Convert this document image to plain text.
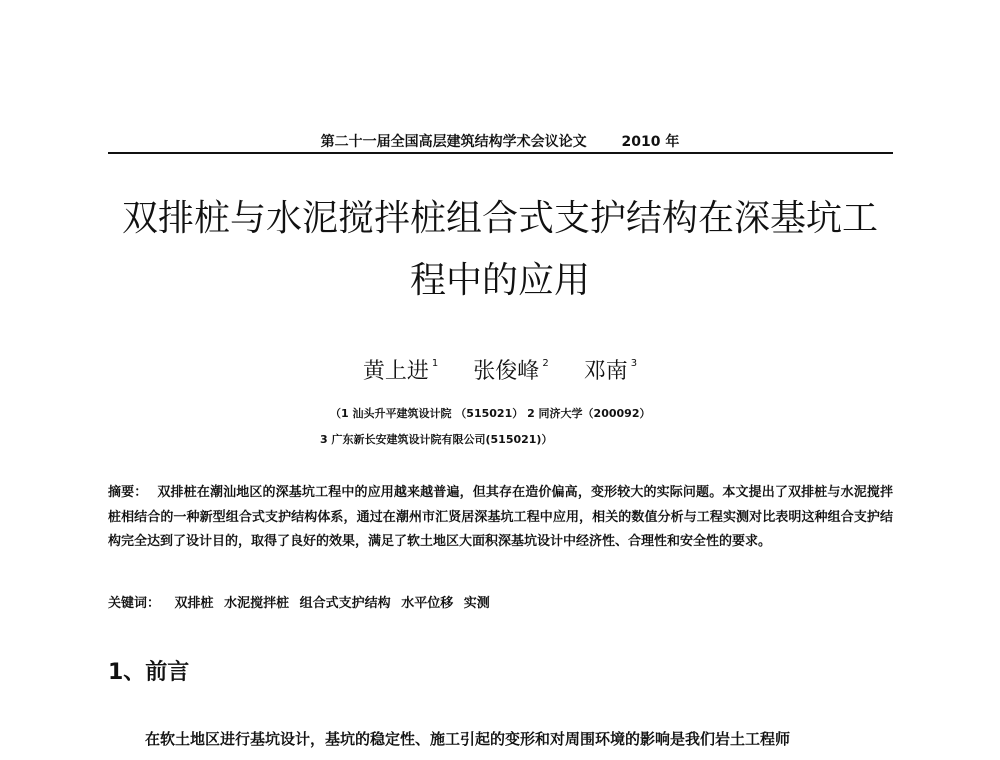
第二十一届全国高层建筑结构学术会议论文 2010 年
双排桩与水泥搅拌桩组合式支护结构在深基坑工
程中的应用
黄上进 $^1$ 张俊峰 $^2$ 邓南 $^3$
（1 汕头升平建筑设计院 （515021） 2 同济大学（200092）
3 广东新长安建筑设计院有限公司(515021)）
摘要： 双排桩在潮汕地区的深基坑工程中的应用越来越普遍，但其存在造价偏高，变形较大的实际问题。本文提出了双排桩与水泥搅拌桩相结合的一种新型组合式支护结构体系，通过在潮州市汇贤居深基坑工程中应用，相关的数值分析与工程实测对比表明这种组合支护结构完全达到了设计目的，取得了良好的效果，满足了软土地区大面积深基坑设计中经济性、合理性和安全性的要求。
关键词： 双排桩 水泥搅拌桩 组合式支护结构 水平位移 实测
1、前言
在软土地区进行基坑设计，基坑的稳定性、施工引起的变形和对周围环境的影响是我们岩土工程师
